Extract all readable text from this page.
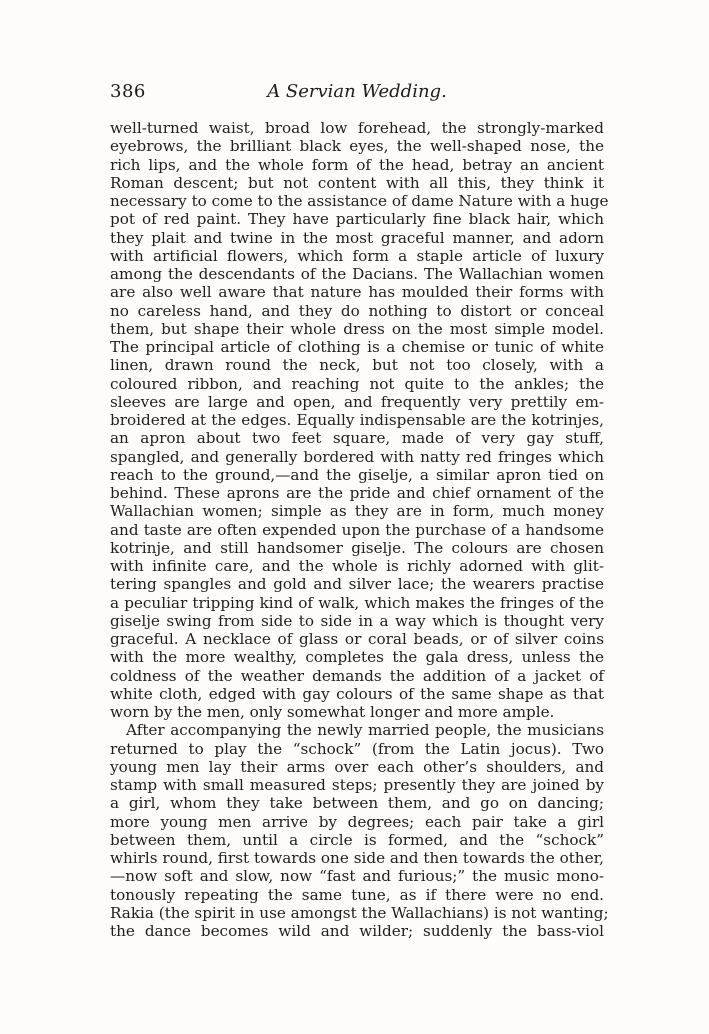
386	A Servian Wedding.
well-turned waist, broad low forehead, the strongly-marked
eyebrows, the brilliant black eyes, the well-shaped nose, the
rich lips, and the whole form of the head, betray an ancient
Roman descent; but not content with all this, they think it
necessary to come to the assistance of dame Nature with a huge
pot of red paint. They have particularly fine black hair, which
they plait and twine in the most graceful manner, and adorn
with artificial flowers, which form a staple article of luxury
among the descendants of the Dacians. The Wallachian women
are also well aware that nature has moulded their forms with
no careless hand, and they do nothing to distort or conceal
them, but shape their whole dress on the most simple model.
The principal article of clothing is a chemise or tunic of white
linen, drawn round the neck, but not too closely, with a
coloured ribbon, and reaching not quite to the ankles; the
sleeves are large and open, and frequently very prettily em-
broidered at the edges. Equally indispensable are the kotrinjes,
an apron about two feet square, made of very gay stuff,
spangled, and generally bordered with natty red fringes which
reach to the ground,—and the giselje, a similar apron tied on
behind. These aprons are the pride and chief ornament of the
Wallachian women; simple as they are in form, much money
and taste are often expended upon the purchase of a handsome
kotrinje, and still handsomer giselje. The colours are chosen
with infinite care, and the whole is richly adorned with glit-
tering spangles and gold and silver lace; the wearers practise
a peculiar tripping kind of walk, which makes the fringes of the
giselje swing from side to side in a way which is thought very
graceful. A necklace of glass or coral beads, or of silver coins
with the more wealthy, completes the gala dress, unless the
coldness of the weather demands the addition of a jacket of
white cloth, edged with gay colours of the same shape as that
worn by the men, only somewhat longer and more ample.
After accompanying the newly married people, the musicians
returned to play the “schock” (from the Latin jocus). Two
young men lay their arms over each other’s shoulders, and
stamp with small measured steps; presently they are joined by
a girl, whom they take between them, and go on dancing;
more young men arrive by degrees; each pair take a girl
between them, until a circle is formed, and the “schock”
whirls round, first towards one side and then towards the other,
—now soft and slow, now “fast and furious;” the music mono-
tonously repeating the same tune, as if there were no end.
Rakia (the spirit in use amongst the Wallachians) is not wanting;
the dance becomes wild and wilder; suddenly the bass-viol
